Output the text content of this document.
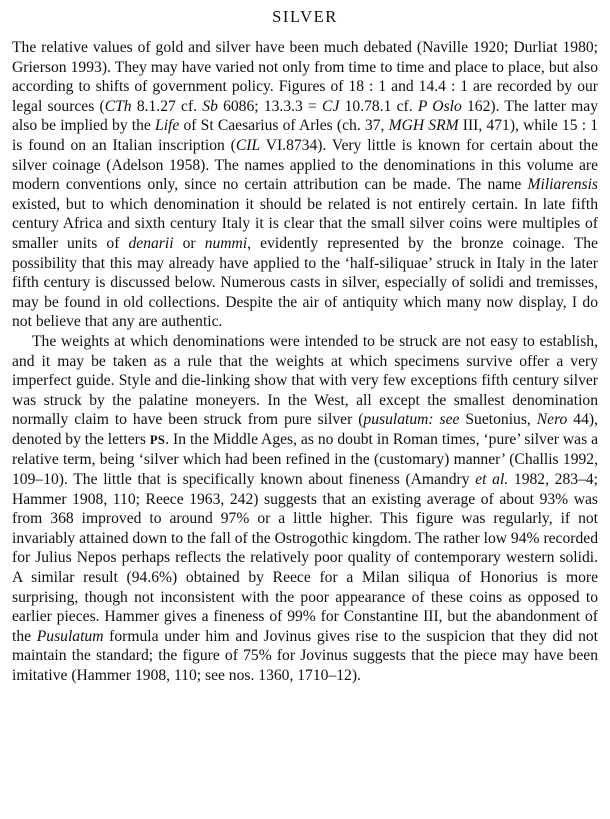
SILVER

The relative values of gold and silver have been much debated (Naville 1920; Durliat 1980; Grierson 1993). They may have varied not only from time to time and place to place, but also according to shifts of government policy. Figures of 18 : 1 and 14.4 : 1 are recorded by our legal sources (CTh 8.1.27 cf. Sb 6086; 13.3.3 = CJ 10.78.1 cf. P Oslo 162). The latter may also be implied by the Life of St Caesarius of Arles (ch. 37, MGH SRM III, 471), while 15 : 1 is found on an Italian inscription (CIL VI.8734). Very little is known for certain about the silver coinage (Adelson 1958). The names applied to the denominations in this volume are modern conventions only, since no certain attribution can be made. The name Miliarensis existed, but to which denomination it should be related is not entirely certain. In late fifth century Africa and sixth century Italy it is clear that the small silver coins were multiples of smaller units of denarii or nummi, evidently represented by the bronze coinage. The possibility that this may already have applied to the ‘half-siliquae’ struck in Italy in the later fifth century is discussed below. Numerous casts in silver, especially of solidi and tremisses, may be found in old collections. Despite the air of antiquity which many now display, I do not believe that any are authentic.

The weights at which denominations were intended to be struck are not easy to establish, and it may be taken as a rule that the weights at which specimens survive offer a very imperfect guide. Style and die-linking show that with very few exceptions fifth century silver was struck by the palatine moneyers. In the West, all except the smallest denomination normally claim to have been struck from pure silver (pusulatum: see Suetonius, Nero 44), denoted by the letters PS. In the Middle Ages, as no doubt in Roman times, ‘pure’ silver was a relative term, being ‘silver which had been refined in the (customary) manner’ (Challis 1992, 109–10). The little that is specifically known about fineness (Amandry et al. 1982, 283–4; Hammer 1908, 110; Reece 1963, 242) suggests that an existing average of about 93% was from 368 improved to around 97% or a little higher. This figure was regularly, if not invariably attained down to the fall of the Ostrogothic kingdom. The rather low 94% recorded for Julius Nepos perhaps reflects the relatively poor quality of contemporary western solidi. A similar result (94.6%) obtained by Reece for a Milan siliqua of Honorius is more surprising, though not inconsistent with the poor appearance of these coins as opposed to earlier pieces. Hammer gives a fineness of 99% for Constantine III, but the abandonment of the Pusulatum formula under him and Jovinus gives rise to the suspicion that they did not maintain the standard; the figure of 75% for Jovinus suggests that the piece may have been imitative (Hammer 1908, 110; see nos. 1360, 1710–12).
